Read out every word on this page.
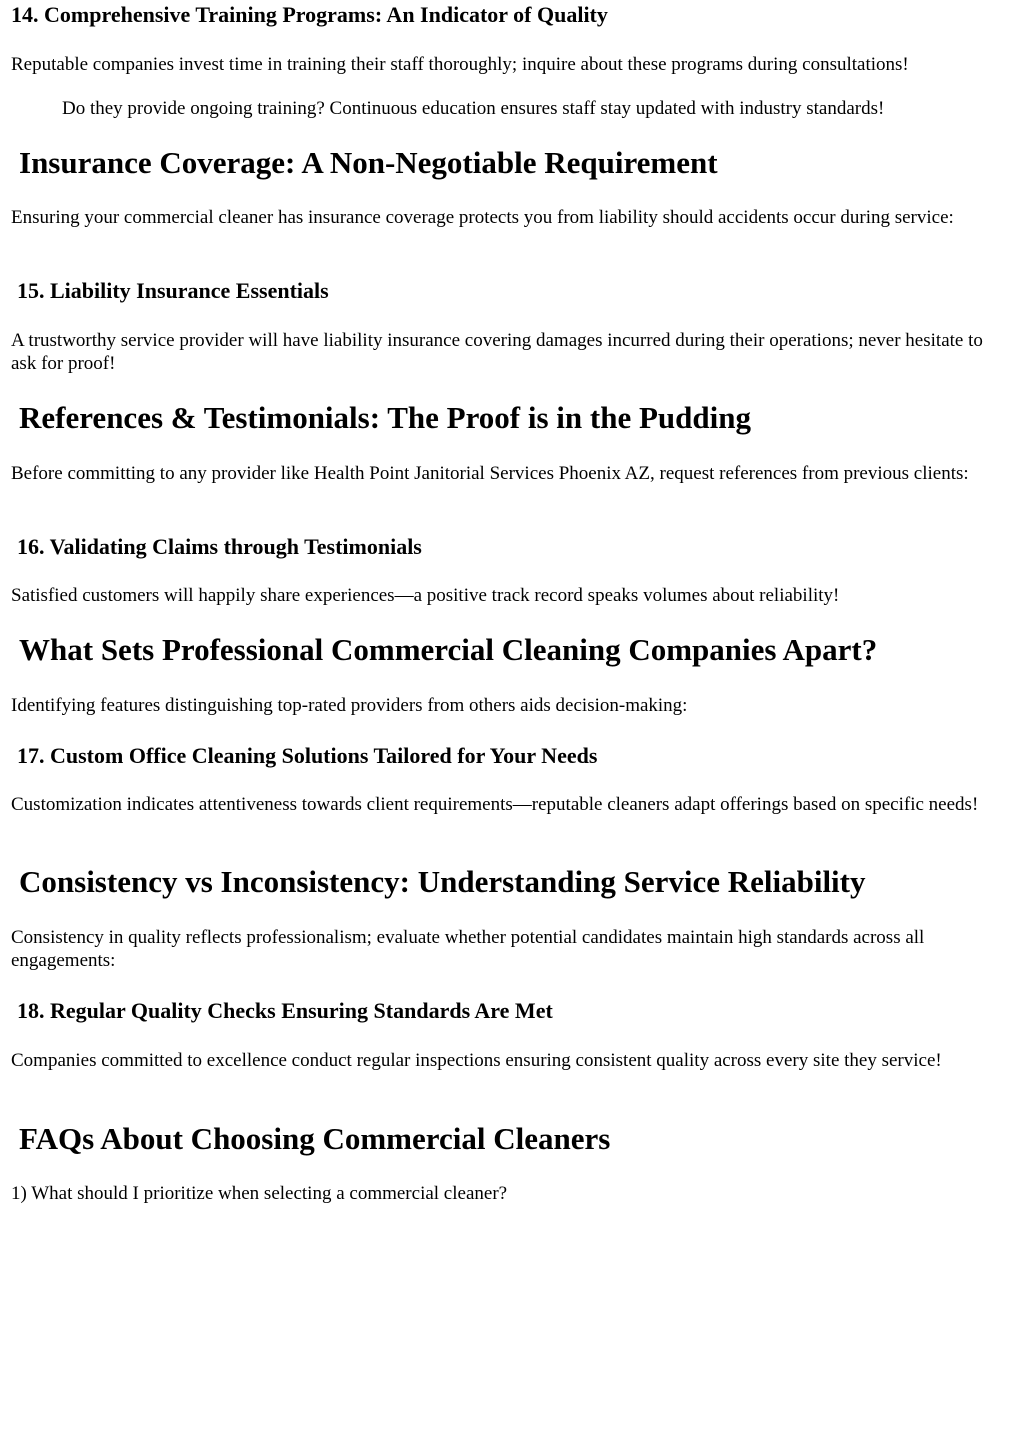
14. Comprehensive Training Programs: An Indicator of Quality

Reputable companies invest time in training their staff thoroughly; inquire about these programs during consultations!

Do they provide ongoing training? Continuous education ensures staff stay updated with industry standards!

Insurance Coverage: A Non-Negotiable Requirement

Ensuring your commercial cleaner has insurance coverage protects you from liability should accidents occur during service:

15. Liability Insurance Essentials

A trustworthy service provider will have liability insurance covering damages incurred during their operations; never hesitate to ask for proof!

References & Testimonials: The Proof is in the Pudding

Before committing to any provider like Health Point Janitorial Services Phoenix AZ, request references from previous clients:

16. Validating Claims through Testimonials

Satisfied customers will happily share experiences—a positive track record speaks volumes about reliability!

What Sets Professional Commercial Cleaning Companies Apart?

Identifying features distinguishing top-rated providers from others aids decision-making:

17. Custom Office Cleaning Solutions Tailored for Your Needs

Customization indicates attentiveness towards client requirements—reputable cleaners adapt offerings based on specific needs!

Consistency vs Inconsistency: Understanding Service Reliability

Consistency in quality reflects professionalism; evaluate whether potential candidates maintain high standards across all engagements:

18. Regular Quality Checks Ensuring Standards Are Met

Companies committed to excellence conduct regular inspections ensuring consistent quality across every site they service!

FAQs About Choosing Commercial Cleaners

1) What should I prioritize when selecting a commercial cleaner?
